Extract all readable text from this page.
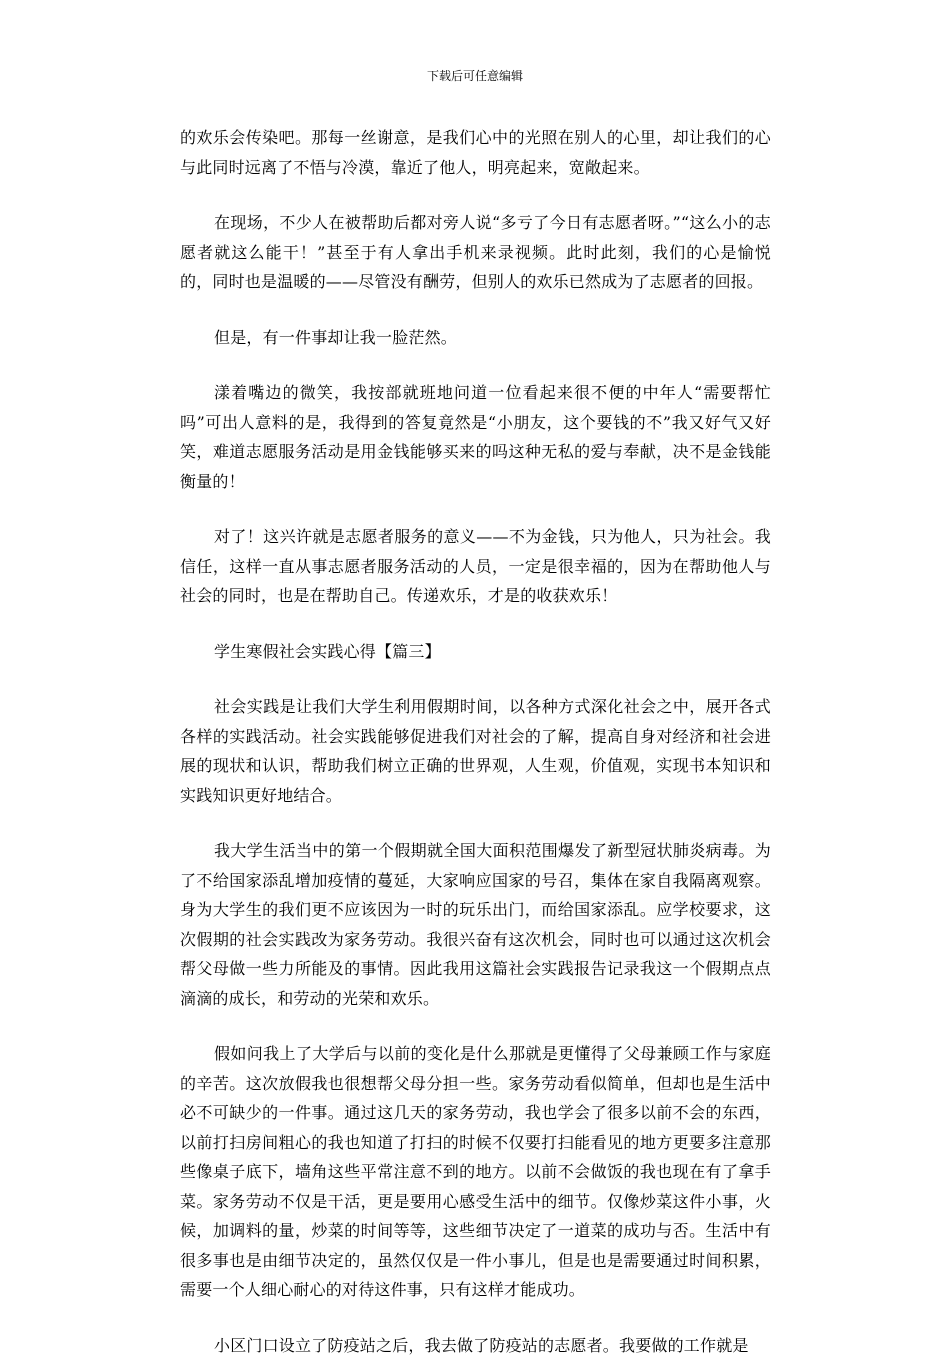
下载后可任意编辑

的欢乐会传染吧。那每一丝谢意，是我们心中的光照在别人的心里，却让我们的心与此同时远离了不悟与冷漠，靠近了他人，明亮起来，宽敞起来。

在现场，不少人在被帮助后都对旁人说“多亏了今日有志愿者呀。”“这么小的志愿者就这么能干！”甚至于有人拿出手机来录视频。此时此刻，我们的心是愉悦的，同时也是温暖的——尽管没有酬劳，但别人的欢乐已然成为了志愿者的回报。

但是，有一件事却让我一脸茫然。

漾着嘴边的微笑，我按部就班地问道一位看起来很不便的中年人“需要帮忙吗”可出人意料的是，我得到的答复竟然是“小朋友，这个要钱的不”我又好气又好笑，难道志愿服务活动是用金钱能够买来的吗这种无私的爱与奉献，决不是金钱能衡量的！

对了！这兴许就是志愿者服务的意义——不为金钱，只为他人，只为社会。我信任，这样一直从事志愿者服务活动的人员，一定是很幸福的，因为在帮助他人与社会的同时，也是在帮助自己。传递欢乐，才是的收获欢乐！

学生寒假社会实践心得【篇三】

社会实践是让我们大学生利用假期时间，以各种方式深化社会之中，展开各式各样的实践活动。社会实践能够促进我们对社会的了解，提高自身对经济和社会进展的现状和认识，帮助我们树立正确的世界观，人生观，价值观，实现书本知识和实践知识更好地结合。

我大学生活当中的第一个假期就全国大面积范围爆发了新型冠状肺炎病毒。为了不给国家添乱增加疫情的蔓延，大家响应国家的号召，集体在家自我隔离观察。身为大学生的我们更不应该因为一时的玩乐出门，而给国家添乱。应学校要求，这次假期的社会实践改为家务劳动。我很兴奋有这次机会，同时也可以通过这次机会帮父母做一些力所能及的事情。因此我用这篇社会实践报告记录我这一个假期点点滴滴的成长，和劳动的光荣和欢乐。

假如问我上了大学后与以前的变化是什么那就是更懂得了父母兼顾工作与家庭的辛苦。这次放假我也很想帮父母分担一些。家务劳动看似简单，但却也是生活中必不可缺少的一件事。通过这几天的家务劳动，我也学会了很多以前不会的东西，以前打扫房间粗心的我也知道了打扫的时候不仅要打扫能看见的地方更要多注意那些像桌子底下，墙角这些平常注意不到的地方。以前不会做饭的我也现在有了拿手菜。家务劳动不仅是干活，更是要用心感受生活中的细节。仅像炒菜这件小事，火候，加调料的量，炒菜的时间等等，这些细节决定了一道菜的成功与否。生活中有很多事也是由细节决定的，虽然仅仅是一件小事儿，但是也是需要通过时间积累，需要一个人细心耐心的对待这件事，只有这样才能成功。

小区门口设立了防疫站之后，我去做了防疫站的志愿者。我要做的工作就是
